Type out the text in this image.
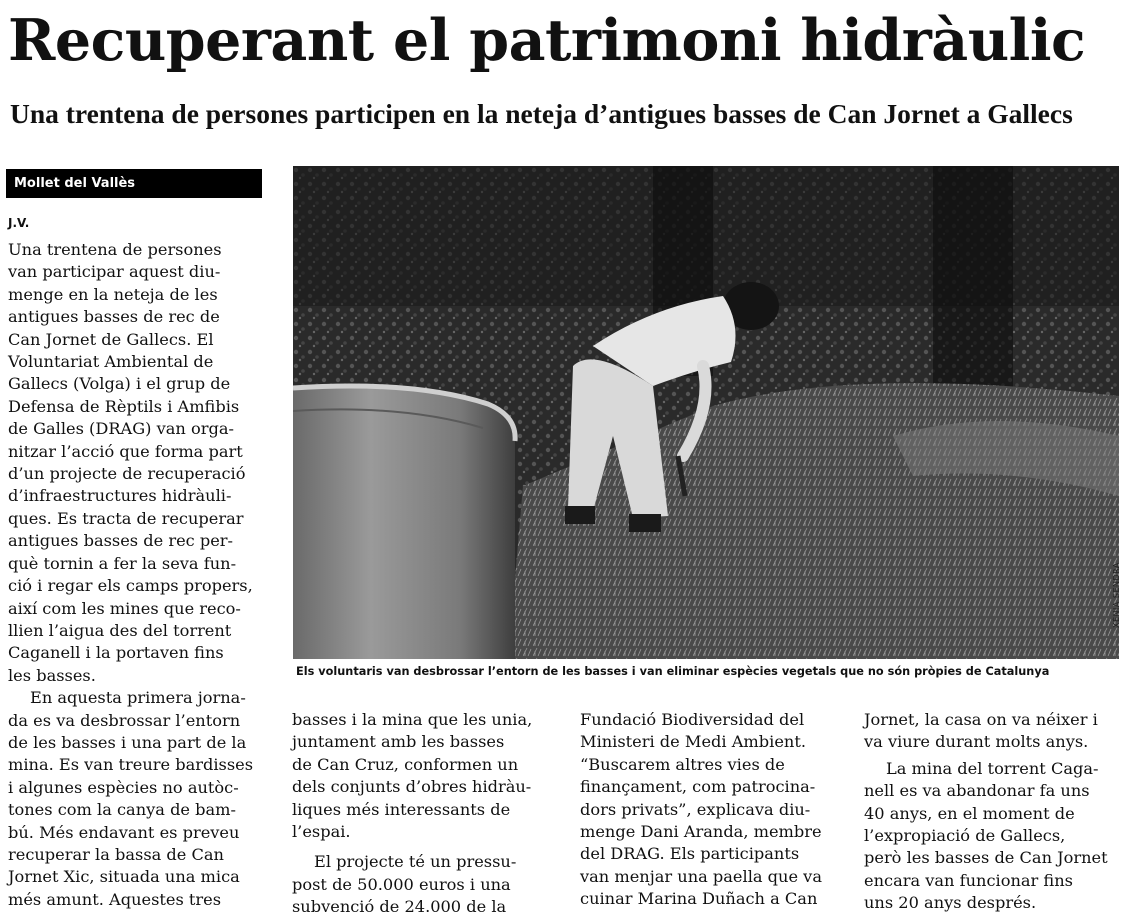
Recuperant el patrimoni hidràulic
Una trentena de persones participen en la neteja d’antigues basses de Can Jornet a Gallecs
Mollet del Vallès
J.V.

Una trentena de persones
van participar aquest diu-
menge en la neteja de les
antigues basses de rec de
Can Jornet de Gallecs. El
Voluntariat Ambiental de
Gallecs (Volga) i el grup de
Defensa de Rèptils i Amfibis
de Galles (DRAG) van orga-
nitzar l’acció que forma part
d’un projecte de recuperació
d’infraestructures hidràuli-
ques. Es tracta de recuperar
antigues basses de rec per-
què tornin a fer la seva fun-
ció i regar els camps propers,
així com les mines que reco-
llien l’aigua des del torrent
Caganell i la portaven fins
les basses.

En aquesta primera jorna-
da es va desbrossar l’entorn
de les basses i una part de la
mina. Es van treure bardisses
i algunes espècies no autòc-
tones com la canya de bam-
bú. Més endavant es preveu
recuperar la bassa de Can
Jornet Xic, situada una mica
més amunt. Aquestes tres

XÈNIA SENDRA
Els voluntaris van desbrossar l’entorn de les basses i van eliminar espècies vegetals que no són pròpies de Catalunya

basses i la mina que les unia,
juntament amb les basses
de Can Cruz, conformen un
dels conjunts d’obres hidràu-
liques més interessants de
l’espai.

El projecte té un pressu-
post de 50.000 euros i una
subvenció de 24.000 de la

Fundació Biodiversidad del
Ministeri de Medi Ambient.
“Buscarem altres vies de
finançament, com patrocina-
dors privats”, explicava diu-
menge Dani Aranda, membre
del DRAG. Els participants
van menjar una paella que va
cuinar Marina Duñach a Can

Jornet, la casa on va néixer i
va viure durant molts anys.

La mina del torrent Caga-
nell es va abandonar fa uns
40 anys, en el moment de
l’expropiació de Gallecs,
però les basses de Can Jornet
encara van funcionar fins
uns 20 anys després.
